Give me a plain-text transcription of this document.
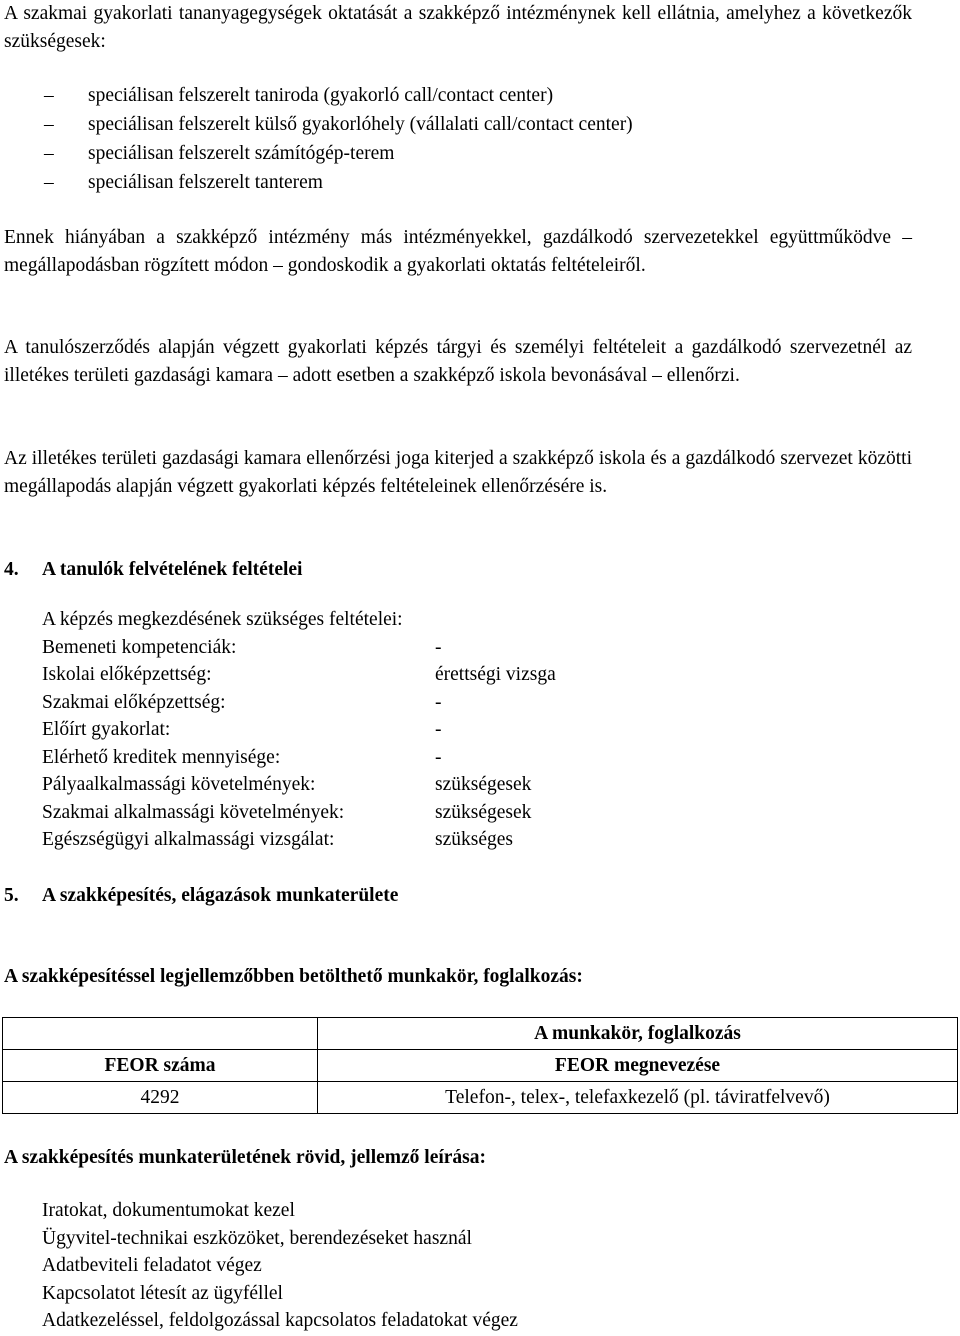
A szakmai gyakorlati tananyagegységek oktatását a szakképző intézménynek kell ellátnia, amelyhez a következők szükségesek:

– speciálisan felszerelt taniroda (gyakorló call/contact center)
– speciálisan felszerelt külső gyakorlóhely (vállalati call/contact center)
– speciálisan felszerelt számítógép-terem
– speciálisan felszerelt tanterem

Ennek hiányában a szakképző intézmény más intézményekkel, gazdálkodó szervezetekkel együttműködve – megállapodásban rögzített módon – gondoskodik a gyakorlati oktatás feltételeiről.

A tanulószerződés alapján végzett gyakorlati képzés tárgyi és személyi feltételeit a gazdálkodó szervezetnél az illetékes területi gazdasági kamara – adott esetben a szakképző iskola bevonásával – ellenőrzi.

Az illetékes területi gazdasági kamara ellenőrzési joga kiterjed a szakképző iskola és a gazdálkodó szervezet közötti megállapodás alapján végzett gyakorlati képzés feltételeinek ellenőrzésére is.

4. A tanulók felvételének feltételei
A képzés megkezdésének szükséges feltételei:
Bemeneti kompetenciák:	-
Iskolai előképzettség:	érettségi vizsga
Szakmai előképzettség:	-
Előírt gyakorlat:	-
Elérhető kreditek mennyisége:	-
Pályaalkalmassági követelmények:	szükségesek
Szakmai alkalmassági követelmények:	szükségesek
Egészségügyi alkalmassági vizsgálat:	szükséges
5. A szakképesítés, elágazások munkaterülete
A szakképesítéssel legjellemzőbben betölthető munkakör, foglalkozás:
	A munkakör, foglalkozás
FEOR száma	FEOR megnevezése
4292	Telefon-, telex-, telefaxkezelő (pl. táviratfelvevő)
A szakképesítés munkaterületének rövid, jellemző leírása:
Iratokat, dokumentumokat kezel
Ügyvitel-technikai eszközöket, berendezéseket használ
Adatbeviteli feladatot végez
Kapcsolatot létesít az ügyféllel
Adatkezeléssel, feldolgozással kapcsolatos feladatokat végez
